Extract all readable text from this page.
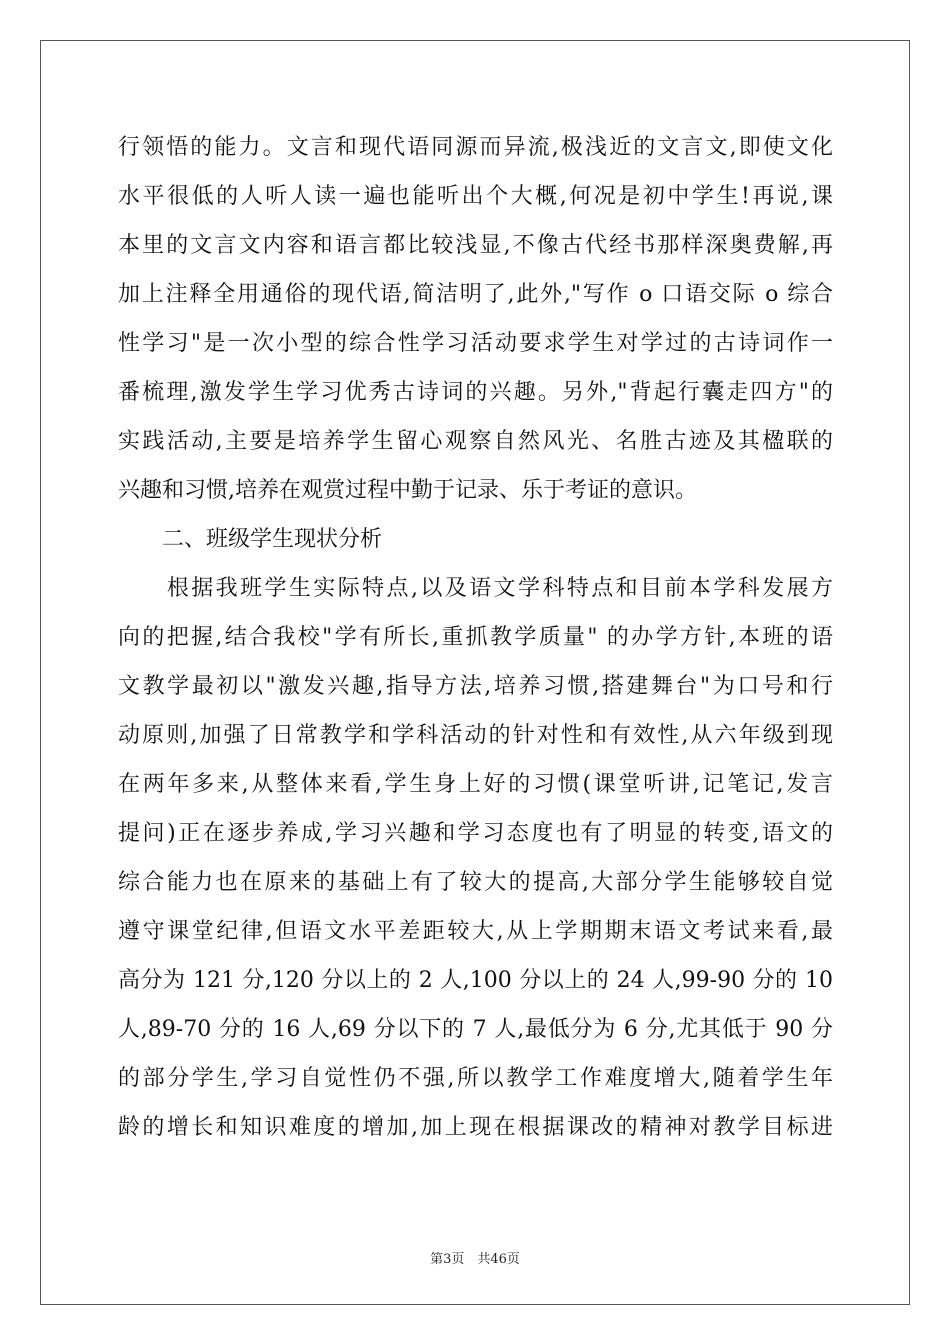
行领悟的能力。文言和现代语同源而异流,极浅近的文言文,即使文化
水平很低的人听人读一遍也能听出个大概,何况是初中学生!再说,课
本里的文言文内容和语言都比较浅显,不像古代经书那样深奥费解,再
加上注释全用通俗的现代语,简洁明了,此外,"写作 o 口语交际 o 综合
性学习"是一次小型的综合性学习活动要求学生对学过的古诗词作一
番梳理,激发学生学习优秀古诗词的兴趣。另外,"背起行囊走四方"的
实践活动,主要是培养学生留心观察自然风光、名胜古迹及其楹联的
兴趣和习惯,培养在观赏过程中勤于记录、乐于考证的意识。
　　二、班级学生现状分析
　　根据我班学生实际特点,以及语文学科特点和目前本学科发展方
向的把握,结合我校"学有所长,重抓教学质量" 的办学方针,本班的语
文教学最初以"激发兴趣,指导方法,培养习惯,搭建舞台"为口号和行
动原则,加强了日常教学和学科活动的针对性和有效性,从六年级到现
在两年多来,从整体来看,学生身上好的习惯(课堂听讲,记笔记,发言
提问)正在逐步养成,学习兴趣和学习态度也有了明显的转变,语文的
综合能力也在原来的基础上有了较大的提高,大部分学生能够较自觉
遵守课堂纪律,但语文水平差距较大,从上学期期末语文考试来看,最
高分为 121 分,120 分以上的 2 人,100 分以上的 24 人,99-90 分的 10
人,89-70 分的 16 人,69 分以下的 7 人,最低分为 6 分,尤其低于 90 分
的部分学生,学习自觉性仍不强,所以教学工作难度增大,随着学生年
龄的增长和知识难度的增加,加上现在根据课改的精神对教学目标进
第3页　共46页
